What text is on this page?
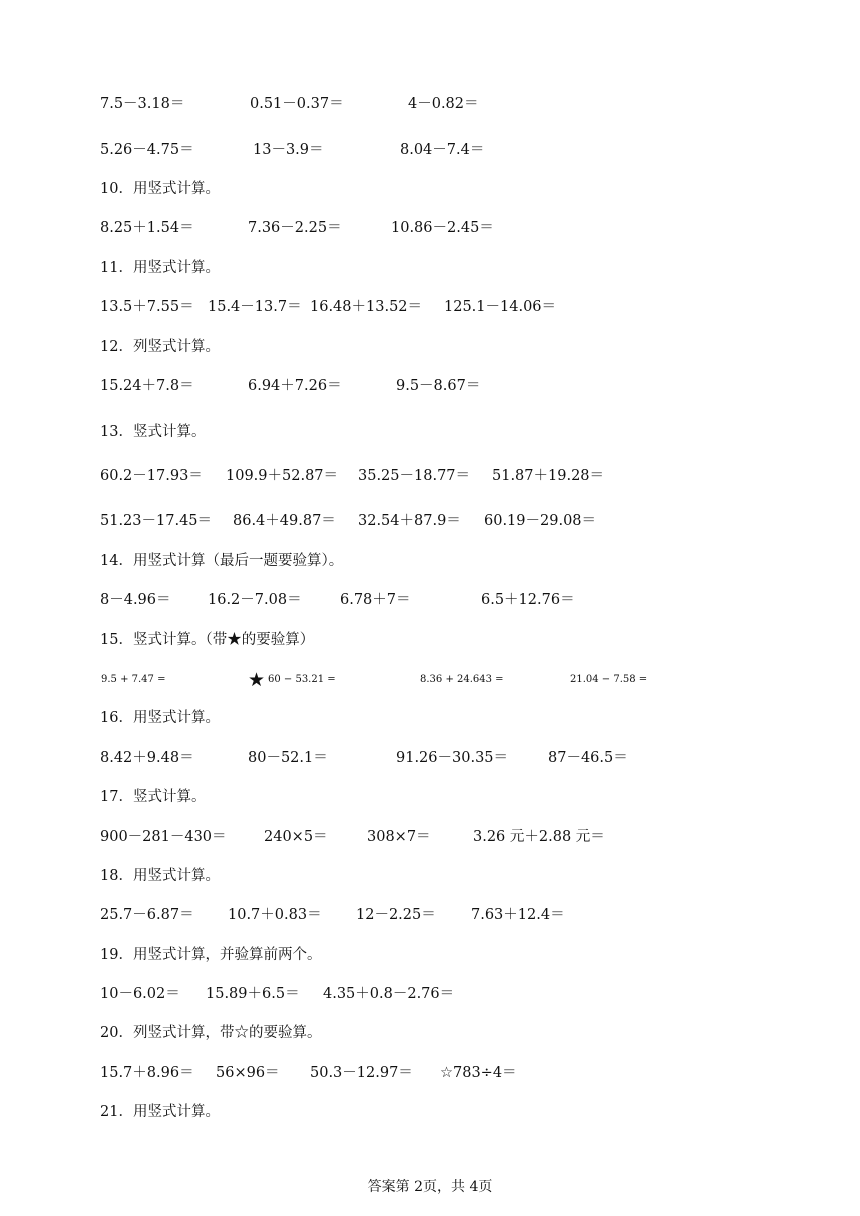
7.5－3.18＝	0.51－0.37＝	4－0.82＝
5.26－4.75＝	13－3.9＝	8.04－7.4＝
10．用竖式计算。
8.25＋1.54＝	7.36－2.25＝	10.86－2.45＝
11．用竖式计算。
13.5＋7.55＝ 15.4－13.7＝ 16.48＋13.52＝ 125.1－14.06＝
12．列竖式计算。
15.24＋7.8＝	6.94＋7.26＝	9.5－8.67＝
13．竖式计算。
60.2－17.93＝ 109.9＋52.87＝ 35.25－18.77＝ 51.87＋19.28＝
51.23－17.45＝ 86.4＋49.87＝ 32.54＋87.9＝ 60.19－29.08＝
14．用竖式计算（最后一题要验算）。
8－4.96＝	16.2－7.08＝	6.78＋7＝	6.5＋12.76＝
15．竖式计算。（带★的要验算）
9.5 + 7.47 =	★ 60 − 53.21 =	8.36 + 24.643 =	21.04 − 7.58 =
16．用竖式计算。
8.42＋9.48＝	80－52.1＝	91.26－30.35＝	87－46.5＝
17．竖式计算。
900－281－430＝	240×5＝	308×7＝	3.26 元＋2.88 元＝
18．用竖式计算。
25.7－6.87＝ 10.7＋0.83＝ 12－2.25＝ 7.63＋12.4＝
19．用竖式计算，并验算前两个。
10－6.02＝ 15.89＋6.5＝ 4.35＋0.8－2.76＝
20．列竖式计算，带☆的要验算。
15.7＋8.96＝ 56×96＝ 50.3－12.97＝ ☆783÷4＝
21．用竖式计算。
答案第 2页，共 4页
